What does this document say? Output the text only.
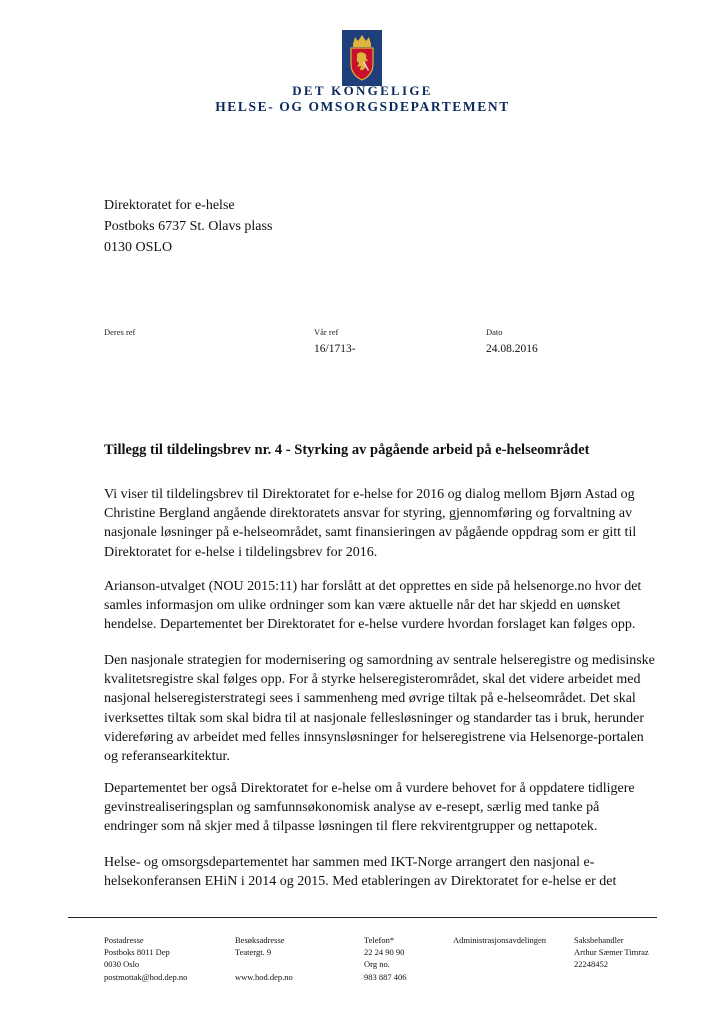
DET KONGELIGE
HELSE- OG OMSORGSDEPARTEMENT
Direktoratet for e-helse
Postboks 6737 St. Olavs plass
0130 OSLO
Deres ref	Vår ref
16/1713-
Dato
24.08.2016
Tillegg til tildelingsbrev nr. 4 - Styrking av pågående arbeid på e-helseområdet
Vi viser til tildelingsbrev til Direktoratet for e-helse for 2016 og dialog mellom Bjørn Astad og
Christine Bergland angående direktoratets ansvar for styring, gjennomføring og forvaltning av
nasjonale løsninger på e-helseområdet, samt finansieringen av pågående oppdrag som er gitt til
Direktoratet for e-helse i tildelingsbrev for 2016.
Arianson-utvalget (NOU 2015:11) har forslått at det opprettes en side på helsenorge.no hvor det
samles informasjon om ulike ordninger som kan være aktuelle når det har skjedd en uønsket
hendelse. Departementet ber Direktoratet for e-helse vurdere hvordan forslaget kan følges opp.
Den nasjonale strategien for modernisering og samordning av sentrale helseregistre og medisinske
kvalitetsregistre skal følges opp. For å styrke helseregisterområdet, skal det videre arbeidet med
nasjonal helseregisterstrategi sees i sammenheng med øvrige tiltak på e-helseområdet. Det skal
iverksettes tiltak som skal bidra til at nasjonale fellesløsninger og standarder tas i bruk, herunder
videreføring av arbeidet med felles innsynsløsninger for helseregistrene via Helsenorge-portalen
og referansearkitektur.
Departementet ber også Direktoratet for e-helse om å vurdere behovet for å oppdatere tidligere
gevinstrealiseringsplan og samfunnsøkonomisk analyse av e-resept, særlig med tanke på
endringer som nå skjer med å tilpasse løsningen til flere rekvirentgrupper og nettapotek.
Helse- og omsorgsdepartementet har sammen med IKT-Norge arrangert den nasjonal e-
helsekonferansen EHiN i 2014 og 2015. Med etableringen av Direktoratet for e-helse er det
Postadresse
Postboks 8011 Dep
0030 Oslo
postmottak@hod.dep.no
Besøksadresse
Teatergt. 9

www.hod.dep.no
Telefon*
22 24 90 90
Org no.
983 887 406
Administrasjonsavdelingen	Saksbehandler
Arthur Sæmer Timraz
22248452
